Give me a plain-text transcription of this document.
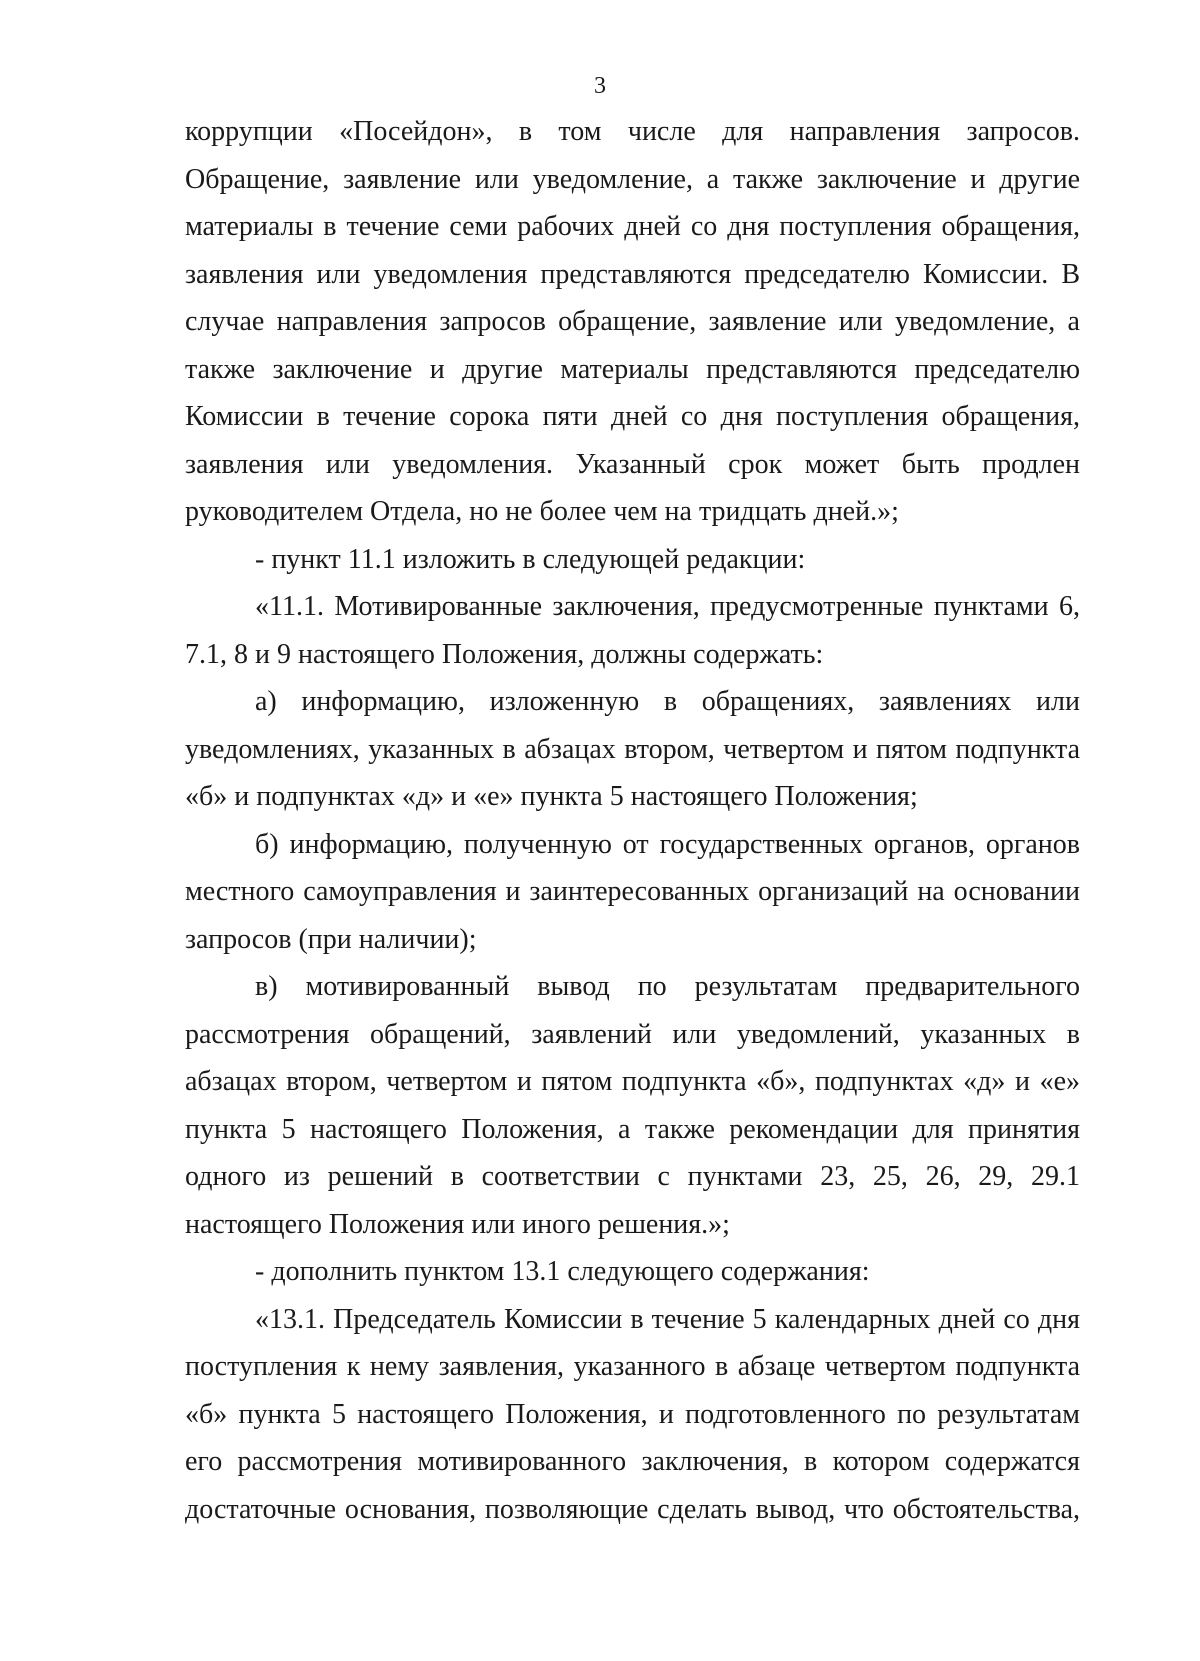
3
коррупции «Посейдон», в том числе для направления запросов.
Обращение, заявление или уведомление, а также заключение и другие
материалы в течение семи рабочих дней со дня поступления обращения,
заявления или уведомления представляются председателю Комиссии. В
случае направления запросов обращение, заявление или уведомление, а
также заключение и другие материалы представляются председателю
Комиссии в течение сорока пяти дней со дня поступления обращения,
заявления или уведомления. Указанный срок может быть продлен
руководителем Отдела, но не более чем на тридцать дней.»;
- пункт 11.1 изложить в следующей редакции:
«11.1. Мотивированные заключения, предусмотренные пунктами 6,
7.1, 8 и 9 настоящего Положения, должны содержать:
а) информацию, изложенную в обращениях, заявлениях или
уведомлениях, указанных в абзацах втором, четвертом и пятом подпункта
«б» и подпунктах «д» и «е» пункта 5 настоящего Положения;
б) информацию, полученную от государственных органов, органов
местного самоуправления и заинтересованных организаций на основании
запросов (при наличии);
в) мотивированный вывод по результатам предварительного
рассмотрения обращений, заявлений или уведомлений, указанных в
абзацах втором, четвертом и пятом подпункта «б», подпунктах «д» и «е»
пункта 5 настоящего Положения, а также рекомендации для принятия
одного из решений в соответствии с пунктами 23, 25, 26, 29, 29.1
настоящего Положения или иного решения.»;
- дополнить пунктом 13.1 следующего содержания:
«13.1. Председатель Комиссии в течение 5 календарных дней со дня
поступления к нему заявления, указанного в абзаце четвертом подпункта
«б» пункта 5 настоящего Положения, и подготовленного по результатам
его рассмотрения мотивированного заключения, в котором содержатся
достаточные основания, позволяющие сделать вывод, что обстоятельства,
